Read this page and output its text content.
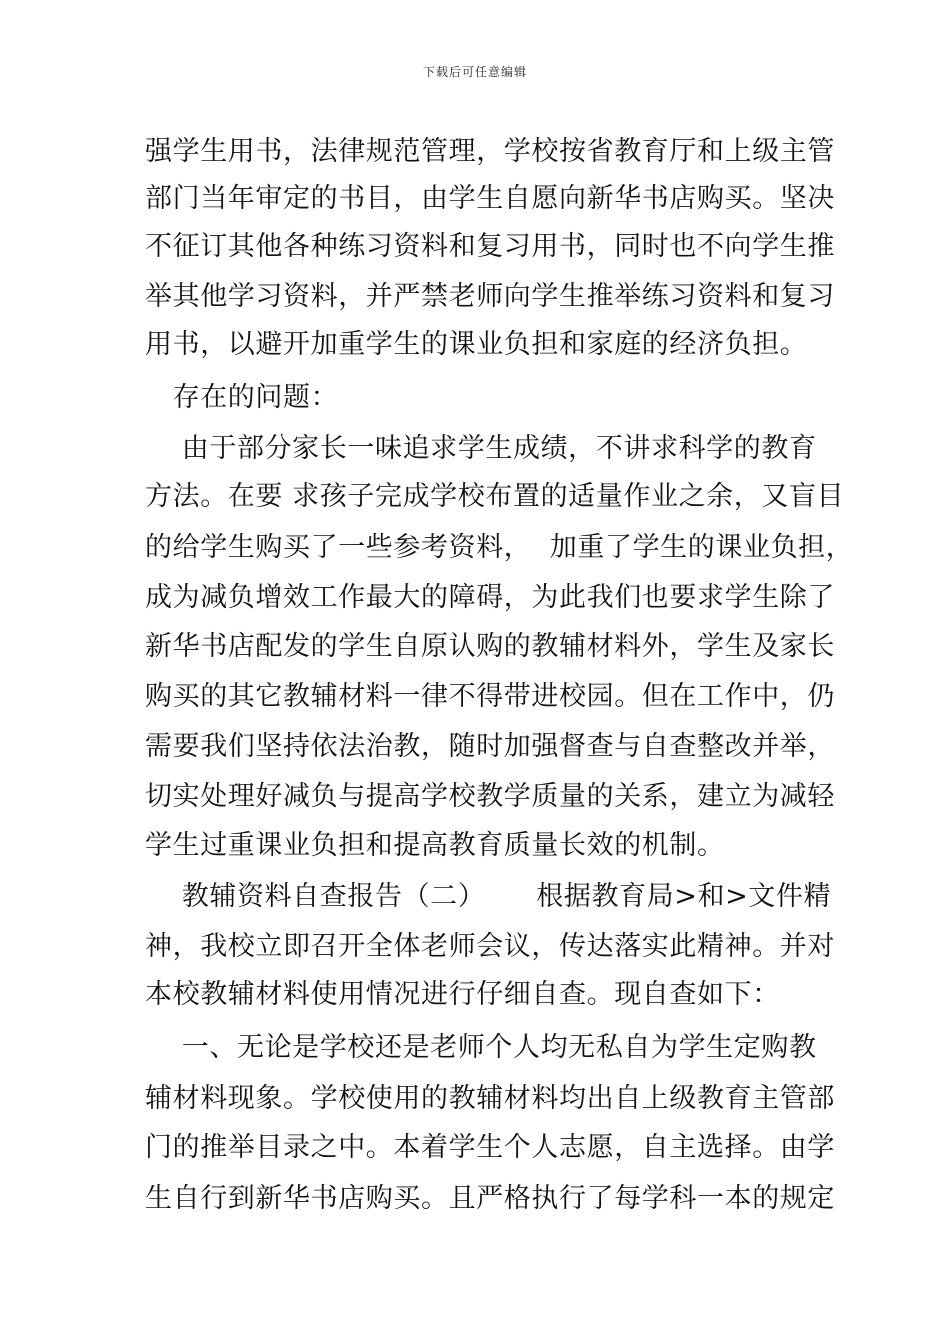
下载后可任意编辑
强学生用书，法律规范管理，学校按省教育厅和上级主管
部门当年审定的书目，由学生自愿向新华书店购买。坚决
不征订其他各种练习资料和复习用书，同时也不向学生推
举其他学习资料，并严禁老师向学生推举练习资料和复习
用书，以避开加重学生的课业负担和家庭的经济负担。
　存在的问题：
　 由于部分家长一味追求学生成绩，不讲求科学的教育
方法。在要 求孩子完成学校布置的适量作业之余，又盲目
的给学生购买了一些参考资料，  加重了学生的课业负担，
成为减负增效工作最大的障碍，为此我们也要求学生除了
新华书店配发的学生自原认购的教辅材料外，学生及家长
购买的其它教辅材料一律不得带进校园。但在工作中，仍
需要我们坚持依法治教，随时加强督查与自查整改并举，
切实处理好减负与提高学校教学质量的关系，建立为减轻
学生过重课业负担和提高教育质量长效的机制。
　 教辅资料自查报告（二）　　 根据教育局>和>文件精
神，我校立即召开全体老师会议，传达落实此精神。并对
本校教辅材料使用情况进行仔细自查。现自查如下：
　 一、无论是学校还是老师个人均无私自为学生定购教
辅材料现象。学校使用的教辅材料均出自上级教育主管部
门的推举目录之中。本着学生个人志愿，自主选择。由学
生自行到新华书店购买。且严格执行了每学科一本的规定
